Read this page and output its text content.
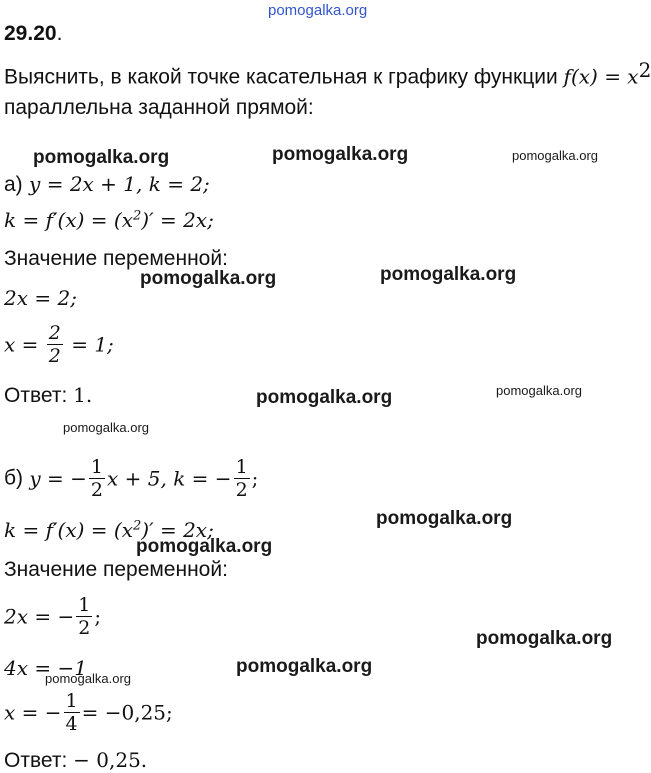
pomogalka.org
29.20.
Выяснить, в какой точке касательная к графику функции $f(x) = x^2$
параллельна заданной прямой:
pomogalka.org	pomogalka.org	pomogalka.org
а) y = 2x + 1, k = 2;
$k = f'(x) = (x^2)' = 2x$;
Значение переменной:
pomogalka.org	pomogalka.org
2x = 2;
$x = \frac{2}{2} = 1$;
Ответ: 1.	pomogalka.org	pomogalka.org
pomogalka.org
б) y = − $\frac{1}{2}$ x + 5, k = − $\frac{1}{2}$ ;
$k = f'(x) = (x^2)' = 2x$;	pomogalka.org
pomogalka.org
Значение переменной:
2x = − $\frac{1}{2}$ ;
pomogalka.org
4x = −1	pomogalka.org
pomogalka.org
x = − $\frac{1}{4} = -0,25$;
Ответ: − 0,25.
